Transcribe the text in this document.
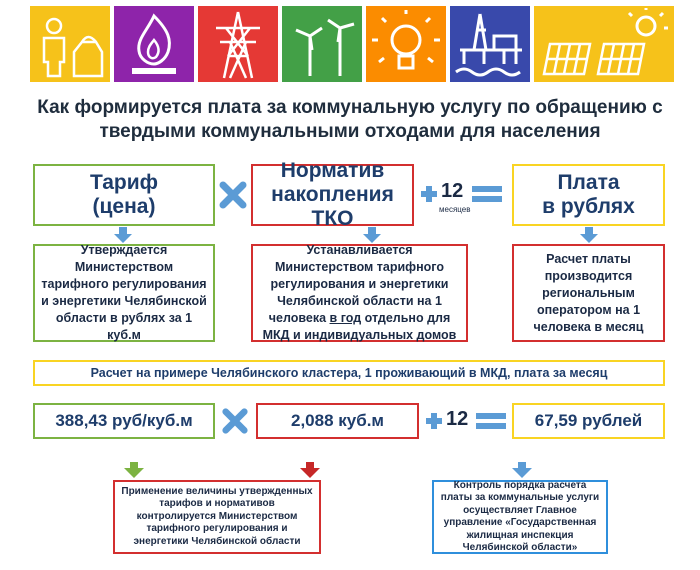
Как формируется плата за коммунальную услугу по обращению с
твердыми коммунальными отходами для населения
Тариф
(цена)
Норматив
накопления ТКО
12
месяцев
Плата
в рублях
Утверждается Министерством тарифного регулирования и энергетики Челябинской области в рублях за 1 куб.м
Устанавливается Министерством тарифного регулирования и энергетики Челябинской области на 1 человека в год отдельно для МКД и индивидуальных домов
Расчет платы производится региональным оператором на 1 человека в месяц
Расчет на примере Челябинского кластера, 1 проживающий в МКД, плата за месяц
388,43 руб/куб.м	2,088 куб.м	12	67,59 рублей
Применение величины утвержденных тарифов и нормативов контролируется Министерством тарифного регулирования и энергетики Челябинской области
Контроль порядка расчета платы за коммунальные услуги осуществляет Главное управление «Государственная жилищная инспекция Челябинской области»
